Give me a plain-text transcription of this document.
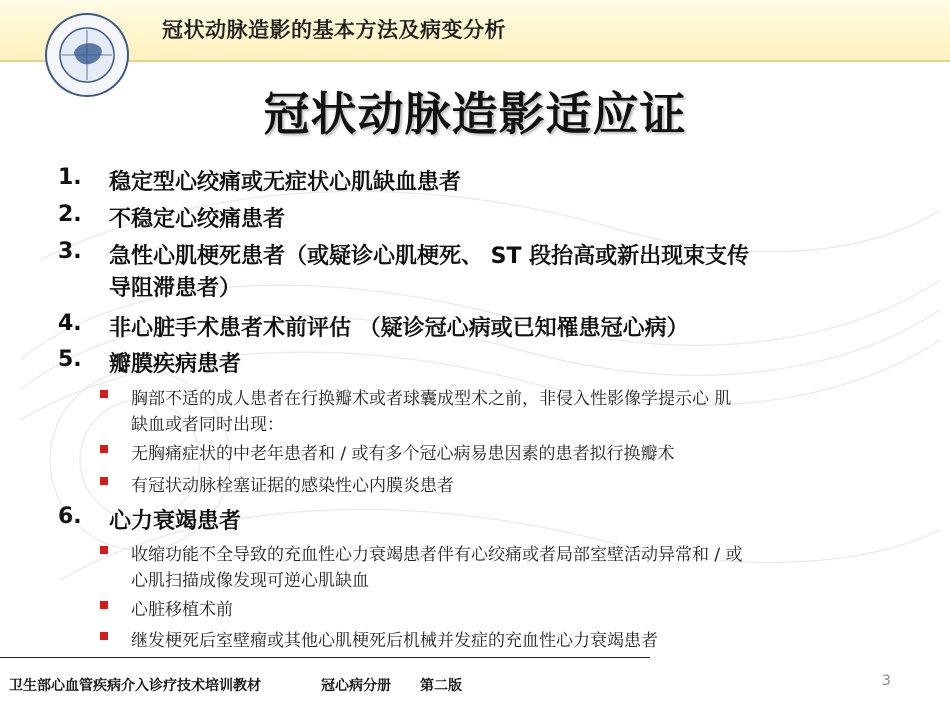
冠状动脉造影的基本方法及病变分析
冠状动脉造影适应证
1. 稳定型心绞痛或无症状心肌缺血患者
2. 不稳定心绞痛患者
3. 急性心肌梗死患者（或疑诊心肌梗死、 ST 段抬高或新出现束支传
导阻滞患者）
4. 非心脏手术患者术前评估 （疑诊冠心病或已知罹患冠心病）
5. 瓣膜疾病患者
胸部不适的成人患者在行换瓣术或者球囊成型术之前，非侵入性影像学提示心 肌
缺血或者同时出现：
无胸痛症状的中老年患者和 / 或有多个冠心病易患因素的患者拟行换瓣术
有冠状动脉栓塞证据的感染性心内膜炎患者
6. 心力衰竭患者
收缩功能不全导致的充血性心力衰竭患者伴有心绞痛或者局部室壁活动异常和 / 或
心肌扫描成像发现可逆心肌缺血
心脏移植术前
继发梗死后室壁瘤或其他心肌梗死后机械并发症的充血性心力衰竭患者
卫生部心血管疾病介入诊疗技术培训教材	冠心病分册 第二版	3
